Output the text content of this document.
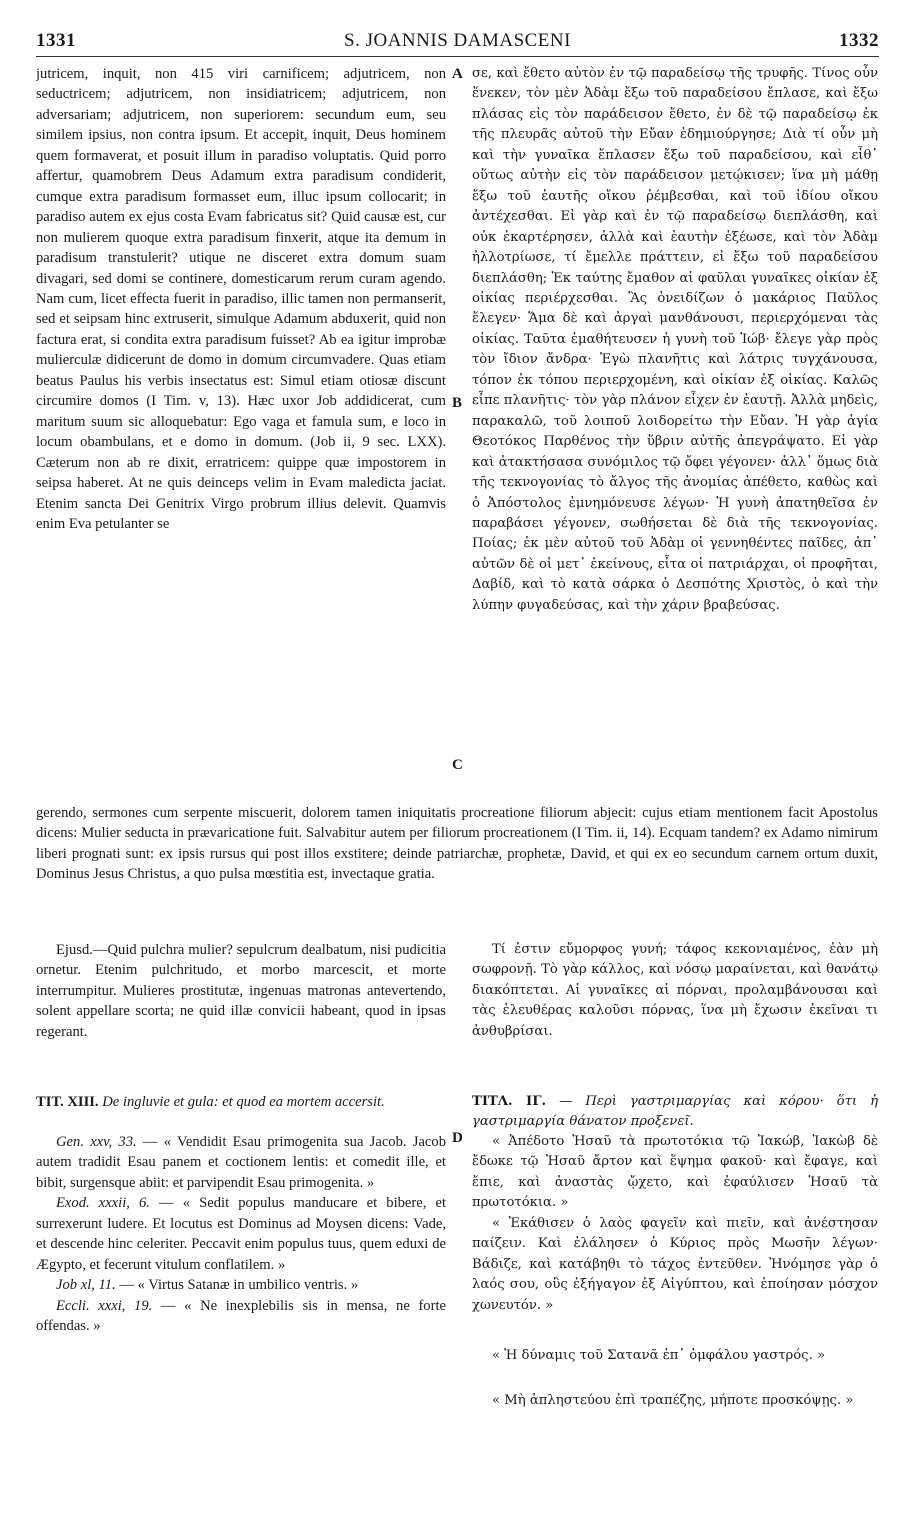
1331	S. JOANNIS DAMASCENI	1332
A
B
C
D

jutricem, inquit, non 415 viri carnificem; adjutricem, non seductricem; adjutricem, non insidiatricem; adjutricem, non adversariam; adjutricem, non superiorem: secundum eum, seu similem ipsius, non contra ipsum. Et accepit, inquit, Deus hominem quem formaverat, et posuit illum in paradiso voluptatis. Quid porro affertur, quamobrem Deus Adamum extra paradisum condiderit, cumque extra paradisum formasset eum, illuc ipsum collocarit; in paradiso autem ex ejus costa Evam fabricatus sit? Quid causæ est, cur non mulierem quoque extra paradisum finxerit, atque ita demum in paradisum transtulerit? utique ne disceret extra domum suam divagari, sed domi se continere, domesticarum rerum curam agendo. Nam cum, licet effecta fuerit in paradiso, illic tamen non permanserit, sed et seipsam hinc extruserit, simulque Adamum abduxerit, quid non factura erat, si condita extra paradisum fuisset? Ab ea igitur improbæ mulierculæ didicerunt de domo in domum circumvadere. Quas etiam beatus Paulus his verbis insectatus est: Simul etiam otiosæ discunt circumire domos (I Tim. v, 13). Hæc uxor Job addidicerat, cum maritum suum sic alloquebatur: Ego vaga et famula sum, e loco in locum obambulans, et e domo in domum. (Job ii, 9 sec. LXX). Cæterum non ab re dixit, erratricem: quippe quæ impostorem in seipsa haberet. At ne quis deinceps velim in Evam maledicta jaciat. Etenim sancta Dei Genitrix Virgo probrum illius delevit. Quamvis enim Eva petulanter se

σε, καὶ ἔθετο αὐτὸν ἐν τῷ παραδείσῳ τῆς τρυφῆς. Τίνος οὖν ἕνεκεν, τὸν μὲν Ἀδὰμ ἔξω τοῦ παραδείσου ἔπλασε, καὶ ἔξω πλάσας εἰς τὸν παράδεισον ἔθετο, ἐν δὲ τῷ παραδείσῳ ἐκ τῆς πλευρᾶς αὐτοῦ τὴν Εὔαν ἐδημιούργησε; Διὰ τί οὖν μὴ καὶ τὴν γυναῖκα ἔπλασεν ἔξω τοῦ παραδείσου, καὶ εἶθ᾽ οὕτως αὐτὴν εἰς τὸν παράδεισον μετῴκισεν; ἵνα μὴ μάθῃ ἔξω τοῦ ἑαυτῆς οἴκου ῥέμβεσθαι, καὶ τοῦ ἰδίου οἴκου ἀντέχεσθαι. Εἰ γὰρ καὶ ἐν τῷ παραδείσῳ διεπλάσθη, καὶ οὐκ ἐκαρτέρησεν, ἀλλὰ καὶ ἑαυτὴν ἐξέωσε, καὶ τὸν Ἀδὰμ ἠλλοτρίωσε, τί ἔμελλε πράττειν, εἰ ἔξω τοῦ παραδείσου διεπλάσθη; Ἐκ ταύτης ἔμαθον αἱ φαῦλαι γυναῖκες οἰκίαν ἐξ οἰκίας περιέρχεσθαι. Ἃς ὀνειδίζων ὁ μακάριος Παῦλος ἔλεγεν· Ἅμα δὲ καὶ ἀργαὶ μανθάνουσι, περιερχόμεναι τὰς οἰκίας. Ταῦτα ἐμαθήτευσεν ἡ γυνὴ τοῦ Ἰώβ· ἔλεγε γὰρ πρὸς τὸν ἴδιον ἄνδρα· Ἐγὼ πλανῆτις καὶ λάτρις τυγχάνουσα, τόπον ἐκ τόπου περιερχομένη, καὶ οἰκίαν ἐξ οἰκίας. Καλῶς εἶπε πλανῆτις· τὸν γὰρ πλάνον εἶχεν ἐν ἑαυτῇ. Ἀλλὰ μηδεὶς, παρακαλῶ, τοῦ λοιποῦ λοιδορείτω τὴν Εὔαν. Ἡ γὰρ ἁγία Θεοτόκος Παρθένος τὴν ὕβριν αὐτῆς ἀπεγράψατο. Εἰ γὰρ καὶ ἀτακτήσασα συνόμιλος τῷ ὄφει γέγονεν· ἀλλ᾽ ὅμως διὰ τῆς τεκνογονίας τὸ ἄλγος τῆς ἀνομίας ἀπέθετο, καθὼς καὶ ὁ Ἀπόστολος ἐμνημόνευσε λέγων· Ἡ γυνὴ ἀπατηθεῖσα ἐν παραβάσει γέγονεν, σωθήσεται δὲ διὰ τῆς τεκνογονίας. Ποίας; ἐκ μὲν αὐτοῦ τοῦ Ἀδὰμ οἱ γεννηθέντες παῖδες, ἀπ᾽ αὐτῶν δὲ οἱ μετ᾽ ἐκείνους, εἶτα οἱ πατριάρχαι, οἱ προφῆται, Δαβίδ, καὶ τὸ κατὰ σάρκα ὁ Δεσπότης Χριστὸς, ὁ καὶ τὴν λύπην φυγαδεύσας, καὶ τὴν χάριν βραβεύσας.

gerendo, sermones cum serpente miscuerit, dolorem tamen iniquitatis procreatione filiorum abjecit: cujus etiam mentionem facit Apostolus dicens: Mulier seducta in prævaricatione fuit. Salvabitur autem per filiorum procreationem (I Tim. ii, 14). Ecquam tandem? ex Adamo nimirum liberi prognati sunt: ex ipsis rursus qui post illos exstitere; deinde patriarchæ, prophetæ, David, et qui ex eo secundum carnem ortum duxit, Dominus Jesus Christus, a quo pulsa mœstitia est, invectaque gratia.

Ejusd.—Quid pulchra mulier? sepulcrum dealbatum, nisi pudicitia ornetur. Etenim pulchritudo, et morbo marcescit, et morte interrumpitur. Mulieres prostitutæ, ingenuas matronas antevertendo, solent appellare scorta; ne quid illæ convicii habeant, quod in ipsas regerant.

Τί ἐστιν εὔμορφος γυνή; τάφος κεκονιαμένος, ἐὰν μὴ σωφρονῇ. Τὸ γὰρ κάλλος, καὶ νόσῳ μαραίνεται, καὶ θανάτῳ διακόπτεται. Αἱ γυναῖκες αἱ πόρναι, προλαμβάνουσαι καὶ τὰς ἐλευθέρας καλοῦσι πόρνας, ἵνα μὴ ἔχωσιν ἐκεῖναι τι ἀνθυβρίσαι.

TIT. XIII. De ingluvie et gula: et quod ea mortem accersit.	ΤΙΤΛ. ΙΓ. — Περὶ γαστριμαργίας καὶ κόρου· ὅτι ἡ γαστριμαργία θάνατον προξενεῖ.

Gen. xxv, 33. — « Vendidit Esau primogenita sua Jacob. Jacob autem tradidit Esau panem et coctionem lentis: et comedit ille, et bibit, surgensque abiit: et parvipendit Esau primogenita. »

Exod. xxxii, 6. — « Sedit populus manducare et bibere, et surrexerunt ludere. Et locutus est Dominus ad Moysen dicens: Vade, et descende hinc celeriter. Peccavit enim populus tuus, quem eduxi de Ægypto, et fecerunt vitulum conflatilem. »

Job xl, 11. — « Virtus Satanæ in umbilico ventris. »

Eccli. xxxi, 19. — « Ne inexplebilis sis in mensa, ne forte offendas. »

« Ἀπέδοτο Ἡσαῦ τὰ πρωτοτόκια τῷ Ἰακώβ, Ἰακὼβ δὲ ἔδωκε τῷ Ἡσαῦ ἄρτον καὶ ἕψημα φακοῦ· καὶ ἔφαγε, καὶ ἔπιε, καὶ ἀναστὰς ᾤχετο, καὶ ἐφαύλισεν Ἡσαῦ τὰ πρωτοτόκια. »

« Ἐκάθισεν ὁ λαὸς φαγεῖν καὶ πιεῖν, καὶ ἀνέστησαν παίζειν. Καὶ ἐλάλησεν ὁ Κύριος πρὸς Μωσῆν λέγων· Βάδιζε, καὶ κατάβηθι τὸ τάχος ἐντεῦθεν. Ἠνόμησε γὰρ ὁ λαός σου, οὓς ἐξήγαγον ἐξ Αἰγύπτου, καὶ ἐποίησαν μόσχον χωνευτόν. »

« Ἡ δύναμις τοῦ Σατανᾶ ἐπ᾽ ὀμφάλου γαστρός. »

« Μὴ ἀπληστεύου ἐπὶ τραπέζης, μήποτε προσκόψῃς. »
